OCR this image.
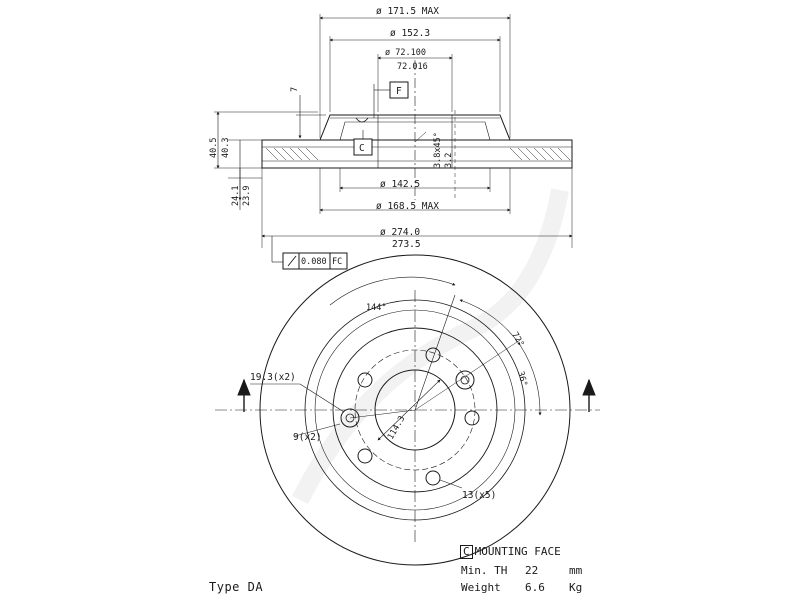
ø 171.5 MAX
ø 152.3
ø 72.100
72.016
F
C
7
40.5 40.3
24.1 23.9
3.8x45° 3.2
ø 142.5
ø 168.5 MAX
ø 274.0
273.5
0.080 FC
144°
72°
36°
19.3(x2)
9(x2)
13(x5)
114.3
Type DA
C MOUNTING FACE
Min. TH 22	mm
Weight 6.6 Kg
